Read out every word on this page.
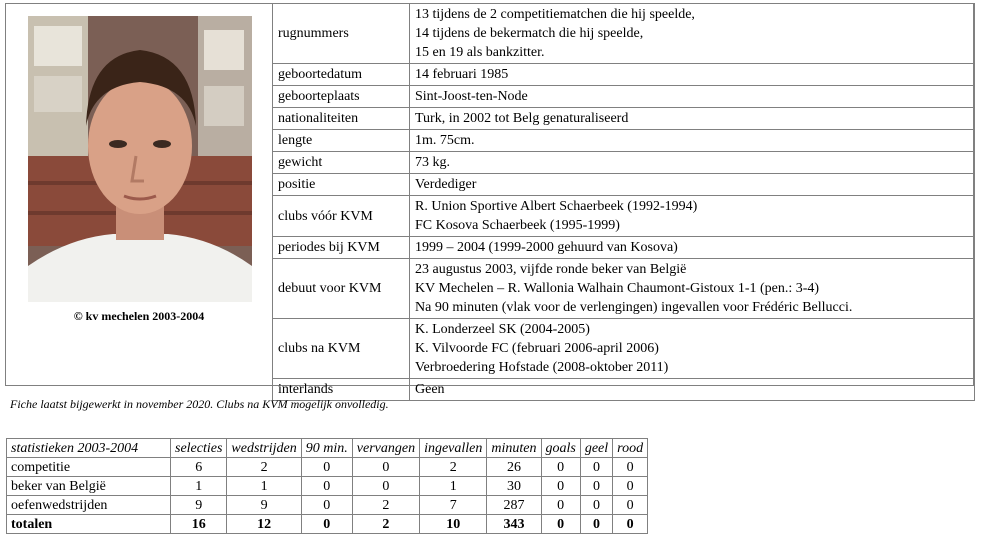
© kv mechelen 2003-2004
rugnummers	13 tijdens de 2 competitiematchen die hij speelde,
14 tijdens de bekermatch die hij speelde,
15 en 19 als bankzitter.

geboortedatum	14 februari 1985

geboorteplaats	Sint-Joost-ten-Node

nationaliteiten	Turk, in 2002 tot Belg genaturaliseerd

lengte	1m. 75cm.

gewicht	73 kg.

positie	Verdediger

clubs vóór KVM	R. Union Sportive Albert Schaerbeek (1992-1994)
FC Kosova Schaerbeek (1995-1999)

periodes bij KVM	1999 – 2004 (1999-2000 gehuurd van Kosova)

debuut voor KVM	23 augustus 2003, vijfde ronde beker van België
KV Mechelen – R. Wallonia Walhain Chaumont-Gistoux 1-1 (pen.: 3-4)
Na 90 minuten (vlak voor de verlengingen) ingevallen voor Frédéric Bellucci.

clubs na KVM	K. Londerzeel SK (2004-2005)
K. Vilvoorde FC (februari 2006-april 2006)
Verbroedering Hofstade (2008-oktober 2011)

interlands	Geen
Fiche laatst bijgewerkt in november 2020. Clubs na KVM mogelijk onvolledig.
statistieken 2003-2004	selecties	wedstrijden	90 min.	vervangen	ingevallen	minuten	goals	geel	rood
competitie	6	2	0	0	2	26	0	0	0
beker van België	1	1	0	0	1	30	0	0	0
oefenwedstrijden	9	9	0	2	7	287	0	0	0
totalen	16	12	0	2	10	343	0	0	0
